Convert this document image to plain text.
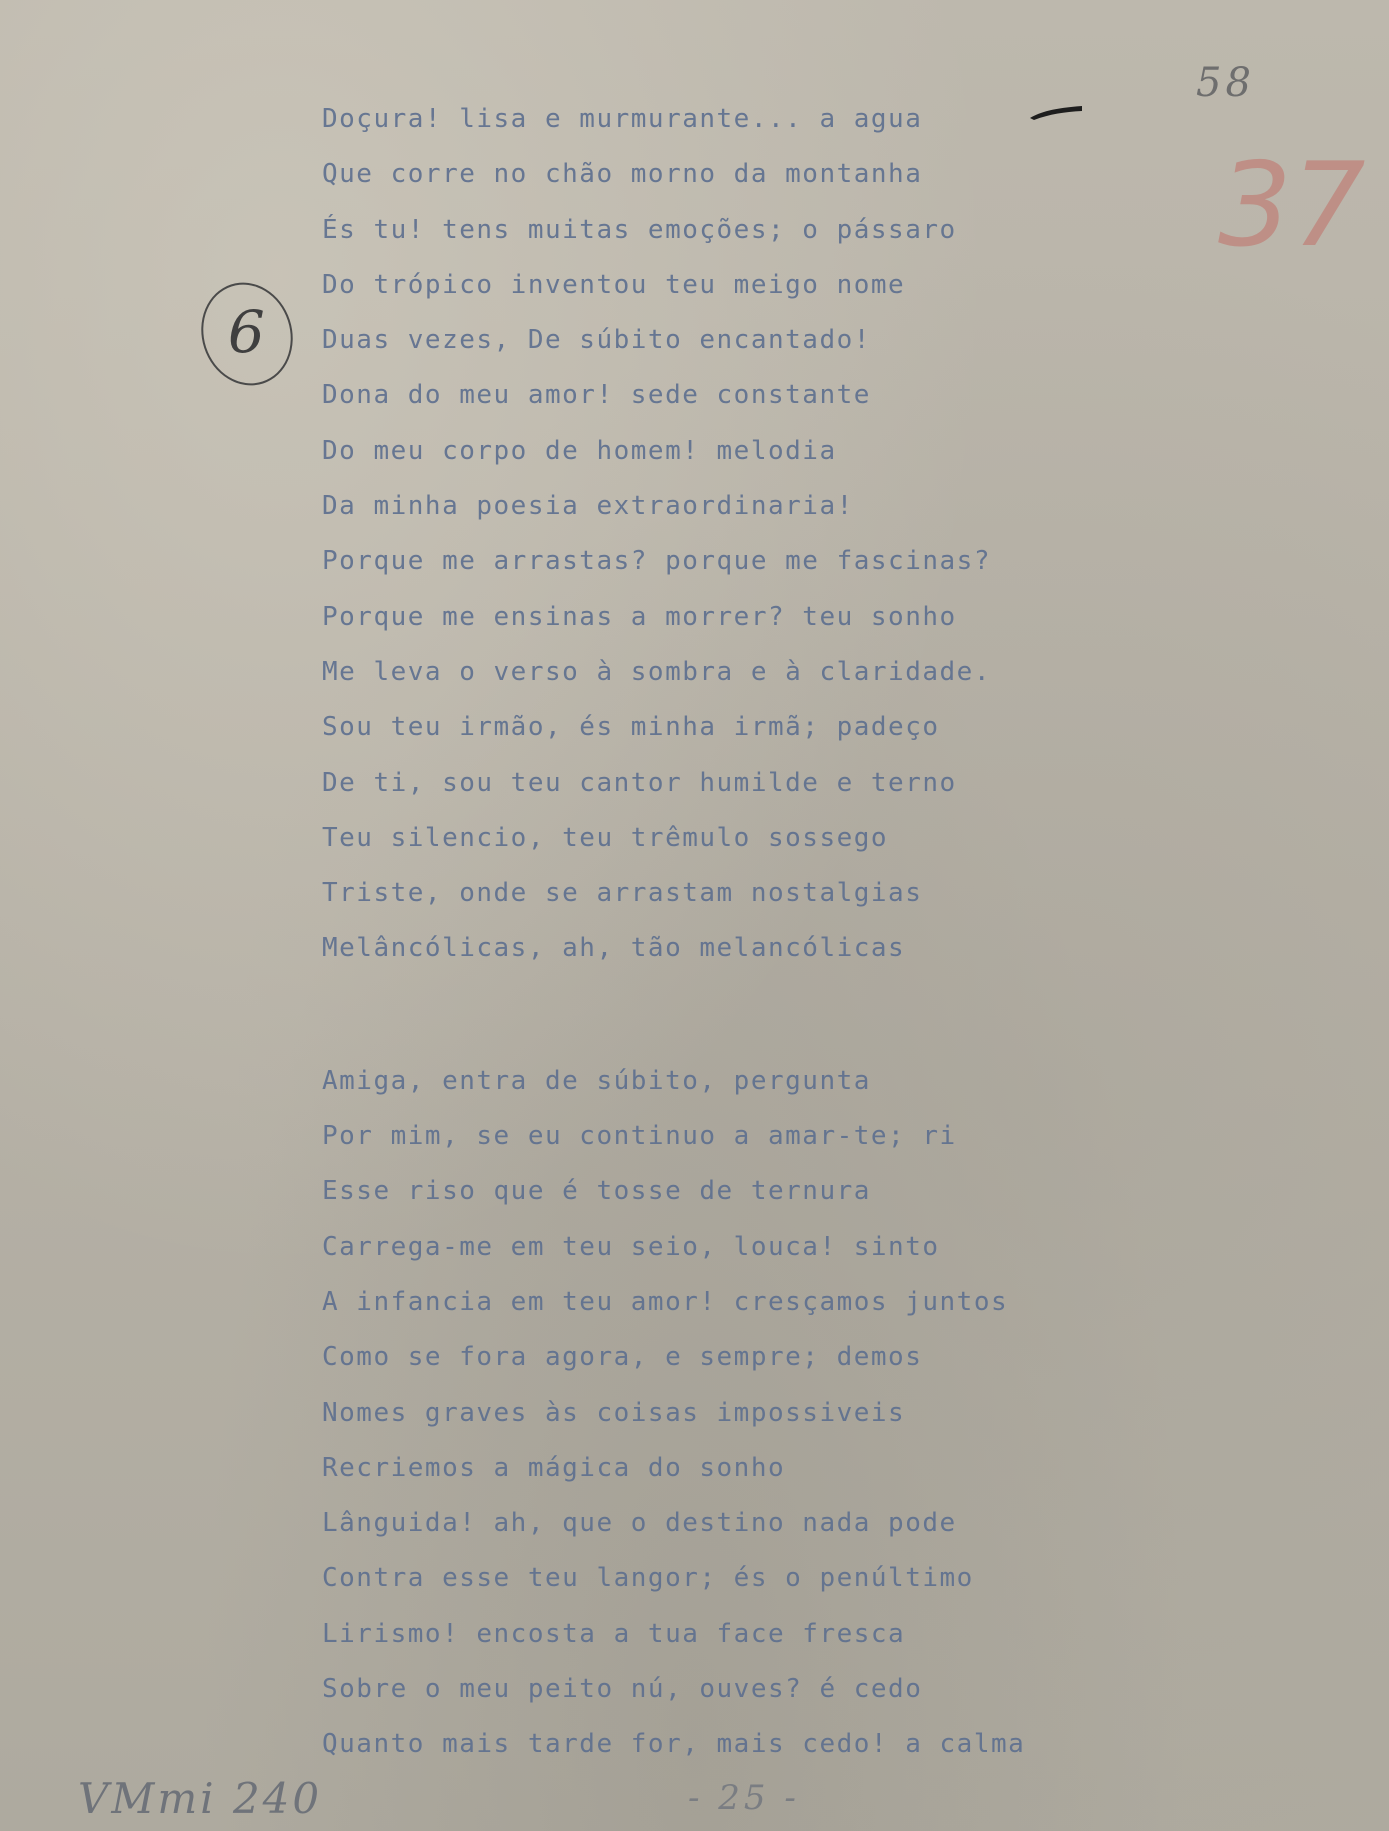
58
37
6
Doçura! lisa e murmurante... a agua
Que corre no chão morno da montanha
És tu! tens muitas emoções; o pássaro
Do trópico inventou teu meigo nome
Duas vezes, De súbito encantado!
Dona do meu amor! sede constante
Do meu corpo de homem! melodia
Da minha poesia extraordinaria!
Porque me arrastas? porque me fascinas?
Porque me ensinas a morrer? teu sonho
Me leva o verso à sombra e à claridade.
Sou teu irmão, és minha irmã; padeço
De ti, sou teu cantor humilde e terno
Teu silencio, teu trêmulo sossego
Triste, onde se arrastam nostalgias
Melâncólicas, ah, tão melancólicas
Amiga, entra de súbito, pergunta
Por mim, se eu continuo a amar-te; ri
Esse riso que é tosse de ternura
Carrega-me em teu seio, louca! sinto
A infancia em teu amor! cresçamos juntos
Como se fora agora, e sempre; demos
Nomes graves às coisas impossiveis
Recriemos a mágica do sonho
Lânguida! ah, que o destino nada pode
Contra esse teu langor; és o penúltimo
Lirismo! encosta a tua face fresca
Sobre o meu peito nú, ouves? é cedo
Quanto mais tarde for, mais cedo! a calma
VMmi 240	- 25 -
